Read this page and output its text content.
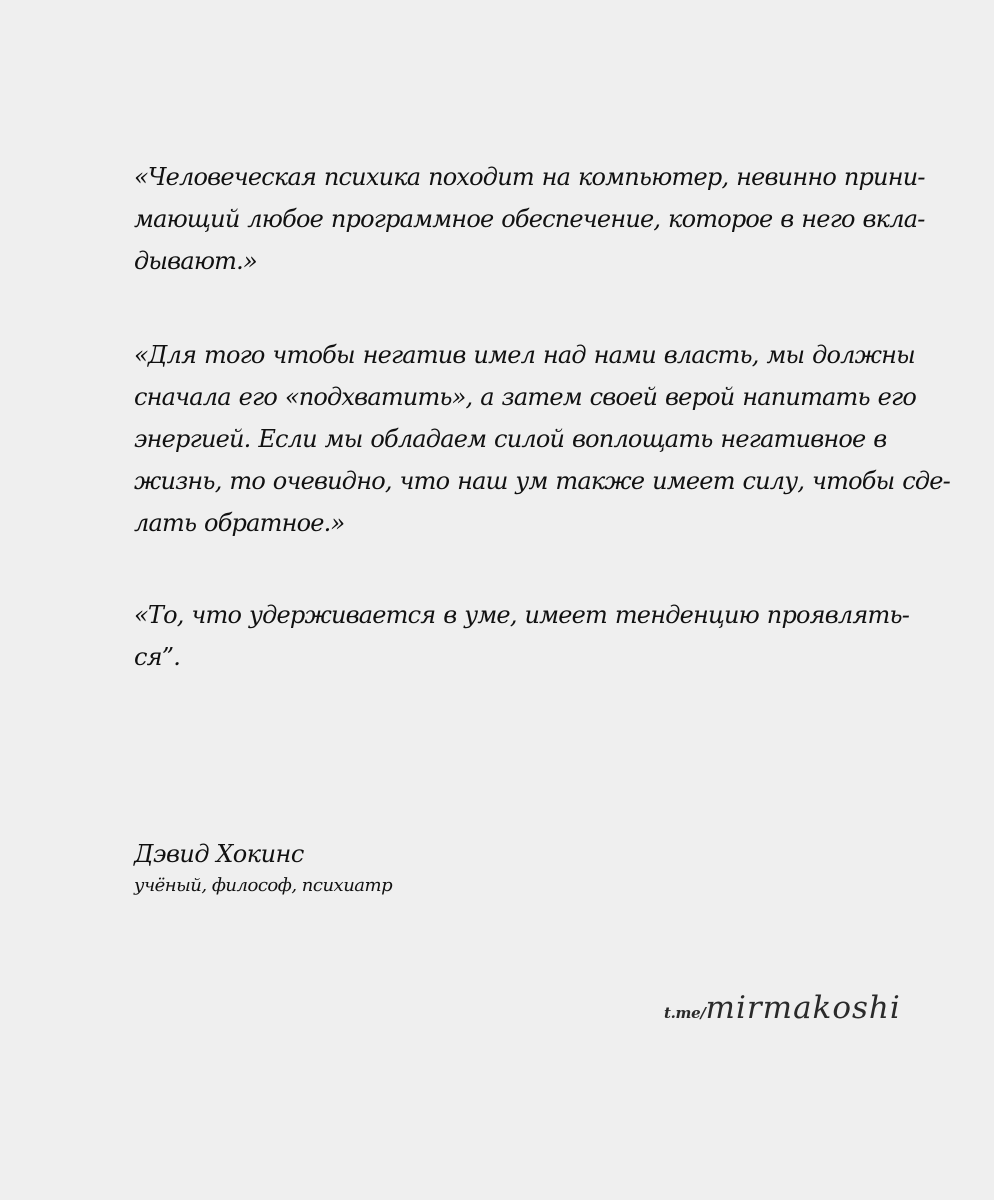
«Человеческая психика походит на компьютер, невинно прини-
мающий любое программное обеспечение, которое в него вкла-
дывают.»

«Для того чтобы негатив имел над нами власть, мы должны
сначала его «подхватить», а затем своей верой напитать его
энергией. Если мы обладаем силой воплощать негативное в
жизнь, то очевидно, что наш ум также имеет силу, чтобы сде-
лать обратное.»

«То, что удерживается в уме, имеет тенденцию проявлять-
ся”.

Дэвид Хокинс
учёный, философ, психиатр
t.me/mirmakoshi
